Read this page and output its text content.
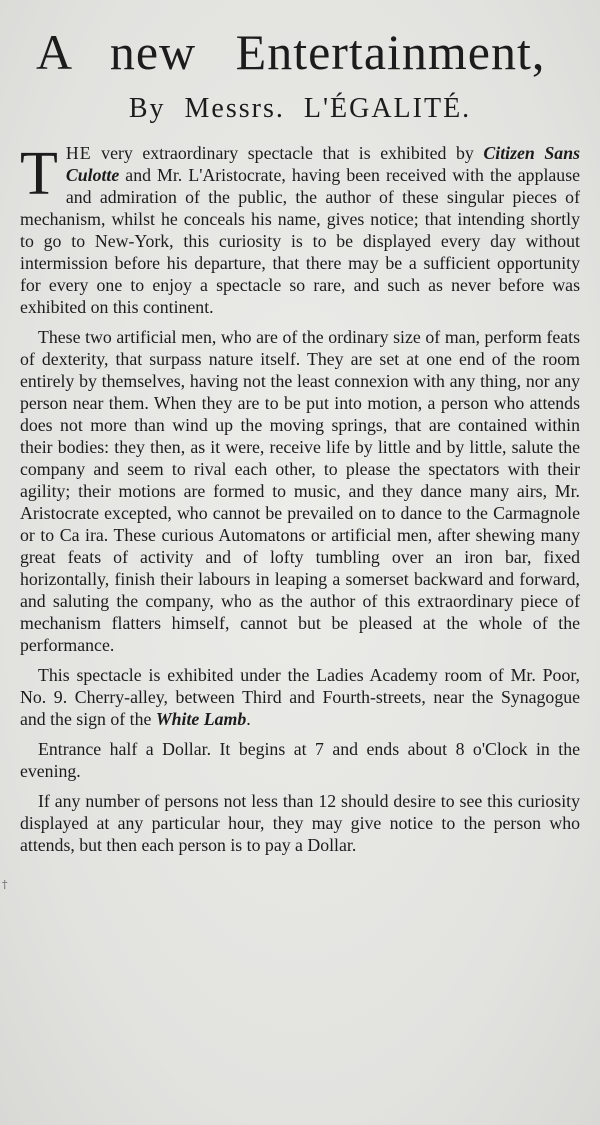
A new Entertainment,
By Messrs. L'ÉGALITÉ.

THE very extraordinary spectacle that is exhibited by Citizen Sans Culotte and Mr. L'Aristocrate, having been received with the applause and admiration of the public, the author of these singular pieces of mechanism, whilst he conceals his name, gives notice; that intending shortly to go to New-York, this curiosity is to be displayed every day without intermission before his departure, that there may be a sufficient opportunity for every one to enjoy a spectacle so rare, and such as never before was exhibited on this continent.

These two artificial men, who are of the ordinary size of man, perform feats of dexterity, that surpass nature itself. They are set at one end of the room entirely by themselves, having not the least connexion with any thing, nor any person near them. When they are to be put into motion, a person who attends does not more than wind up the moving springs, that are contained within their bodies: they then, as it were, receive life by little and by little, salute the company and seem to rival each other, to please the spectators with their agility; their motions are formed to music, and they dance many airs, Mr. Aristocrate excepted, who cannot be prevailed on to dance to the Carmagnole or to Ca ira. These curious Automatons or artificial men, after shewing many great feats of activity and of lofty tumbling over an iron bar, fixed horizontally, finish their labours in leaping a somerset backward and forward, and saluting the company, who as the author of this extraordinary piece of mechanism flatters himself, cannot but be pleased at the whole of the performance.

This spectacle is exhibited under the Ladies Academy room of Mr. Poor, No. 9. Cherry-alley, between Third and Fourth-streets, near the Synagogue and the sign of the White Lamb.

Entrance half a Dollar. It begins at 7 and ends about 8 o'Clock in the evening.

If any number of persons not less than 12 should desire to see this curiosity displayed at any particular hour, they may give notice to the person who attends, but then each person is to pay a Dollar.

†
